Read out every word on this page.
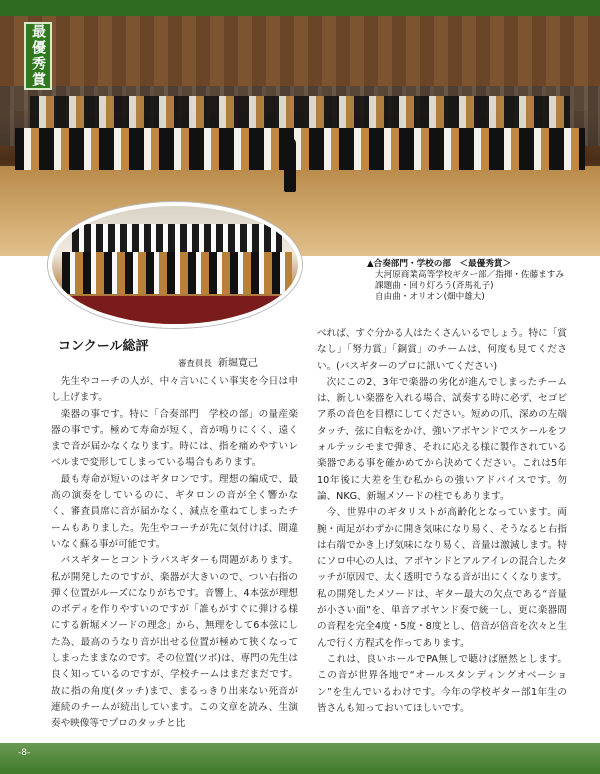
最優秀賞
▲合奏部門・学校の部　＜最優秀賞＞
大河原商業高等学校ギター部／指揮・佐藤ますみ
課題曲・回り灯ろう(斉馬礼子)
自由曲・オリオン(畑中雄大)
コンクール総評
審査員長 新堀寛己

先生やコーチの人が、中々言いにくい事実を今日は申し上げます。

楽器の事です。特に「合奏部門　学校の部」の量産楽器の事です。極めて寿命が短く、音が鳴りにくく、遠くまで音が届かなくなります。時には、指を痛めやすいレベルまで変形してしまっている場合もあります。

最も寿命が短いのはギタロンです。理想の編成で、最高の演奏をしているのに、ギタロンの音が全く響かなく、審査員席に音が届かなく、減点を重ねてしまったチームもありました。先生やコーチが先に気付けば、間違いなく蘇る事が可能です。

バスギターとコントラバスギターも問題があります。私が開発したのですが、楽器が大きいので、つい右指の弾く位置がルーズになりがちです。音響上、4本弦が理想のボディを作りやすいのですが「誰もがすぐに弾ける様にする新堀メソードの理念」から、無理をして6本弦にした為、最高のうなり音が出せる位置が極めて狭くなってしまったままなのです。その位置(ツボ)は、専門の先生は良く知っているのですが、学校チームはまだまだです。故に指の角度(タッチ)まで、まるっきり出来ない死音が連続のチームが続出しています。この文章を読み、生演奏や映像等でプロのタッチと比

べれば、すぐ分かる人はたくさんいるでしょう。特に「賞なし」「努力賞」「銅賞」のチームは、何度も見てください。(バスギターのプロに訊いてください)

次にこの2、3年で楽器の劣化が進んでしまったチームは、新しい楽器を入れる場合、試奏する時に必ず、セゴビア系の音色を目標にしてください。短めの爪、深めの左端タッチ、弦に自転をかけ、強いアポヤンドでスケールをフォルテッシモまで弾き、それに応える様に製作されている楽器である事を確かめてから決めてください。これは5年10年後に大差を生む私からの強いアドバイスです。勿論、NKG、新堀メソードの柱でもあります。

今、世界中のギタリストが高齢化となっています。両腕・両足がわずかに開き気味になり易く、そうなると右指は右端でかき上げ気味になり易く、音量は激減します。特にソロ中心の人は、アポヤンドとアルアイレの混合したタッチが原因で、太く透明でうなる音が出にくくなります。私の開発したメソードは、ギター最大の欠点である“音量が小さい面”を、単音アポヤンド奏で統一し、更に楽器間の音程を完全4度・5度・8度とし、倍音が倍音を次々と生んで行く方程式を作ってあります。

これは、良いホールでPA無しで聴けば歴然とします。この音が世界各地で“オールスタンディングオベーション”を生んでいるわけです。今年の学校ギター部1年生の皆さんも知っておいてほしいです。

-8-
